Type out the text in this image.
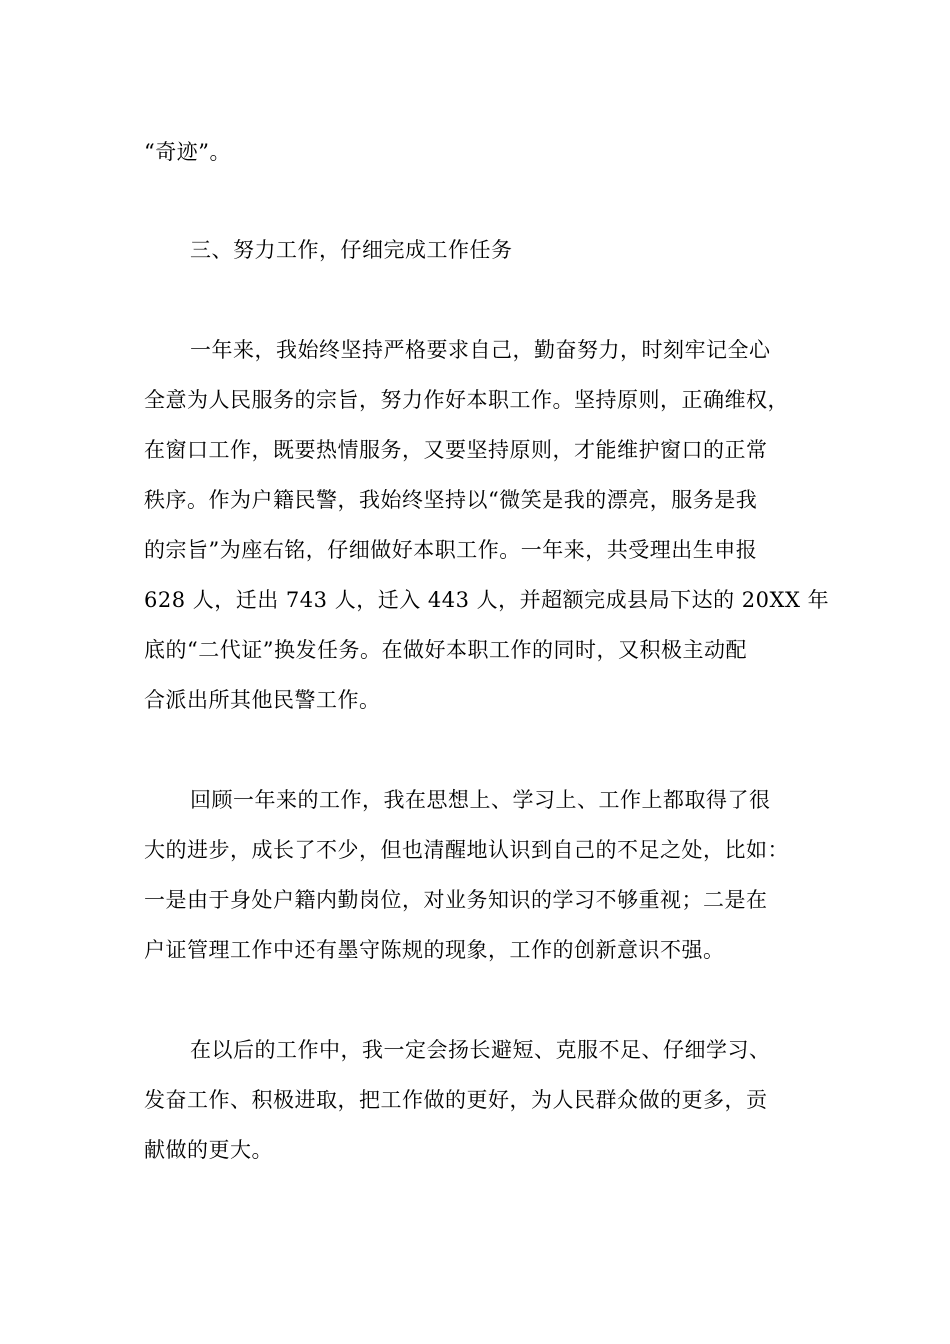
“奇迹”。
三、努力工作，仔细完成工作任务
一年来，我始终坚持严格要求自己，勤奋努力，时刻牢记全心
全意为人民服务的宗旨，努力作好本职工作。坚持原则，正确维权，
在窗口工作，既要热情服务，又要坚持原则，才能维护窗口的正常
秩序。作为户籍民警，我始终坚持以“微笑是我的漂亮，服务是我
的宗旨”为座右铭，仔细做好本职工作。一年来，共受理出生申报
628 人，迁出 743 人，迁入 443 人，并超额完成县局下达的 20XX 年
底的“二代证”换发任务。在做好本职工作的同时，又积极主动配
合派出所其他民警工作。
回顾一年来的工作，我在思想上、学习上、工作上都取得了很
大的进步，成长了不少，但也清醒地认识到自己的不足之处，比如：
一是由于身处户籍内勤岗位，对业务知识的学习不够重视；二是在
户证管理工作中还有墨守陈规的现象，工作的创新意识不强。
在以后的工作中，我一定会扬长避短、克服不足、仔细学习、
发奋工作、积极进取，把工作做的更好，为人民群众做的更多，贡
献做的更大。
